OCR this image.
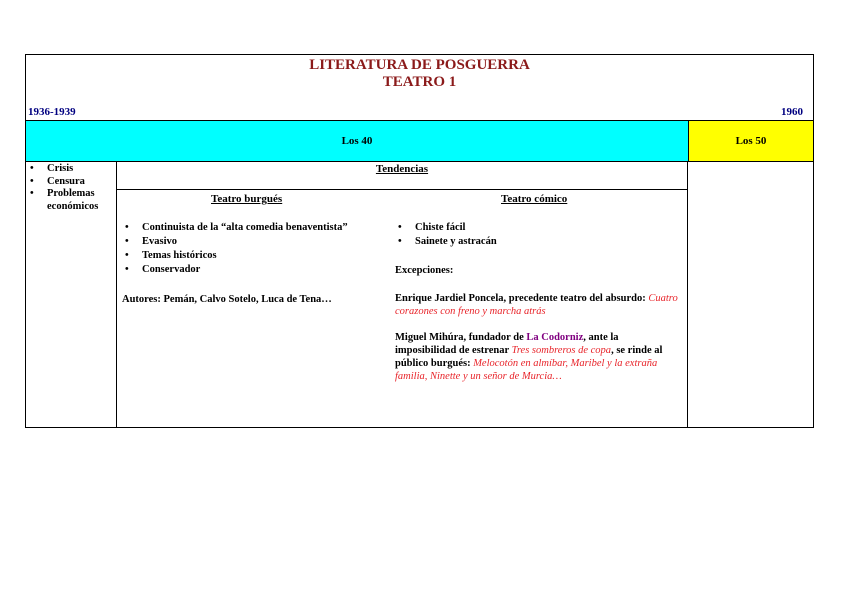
LITERATURA DE POSGUERRA
TEATRO 1
1936-1939	1960
Los 40	Los 50
• Crisis
• Censura
• Problemas económicos
Tendencias
Teatro burgués	Teatro cómico
• Continuista de la “alta comedia benaventista”
• Evasivo
• Temas históricos
• Conservador
Autores: Pemán, Calvo Sotelo, Luca de Tena…
• Chiste fácil
• Sainete y astracán
Excepciones:
Enrique Jardiel Poncela, precedente teatro del absurdo: Cuatro corazones con freno y marcha atrás
Miguel Mihúra, fundador de La Codorniz, ante la imposibilidad de estrenar Tres sombreros de copa, se rinde al público burgués: Melocotón en almíbar, Maribel y la extraña familia, Ninette y un señor de Murcia…
